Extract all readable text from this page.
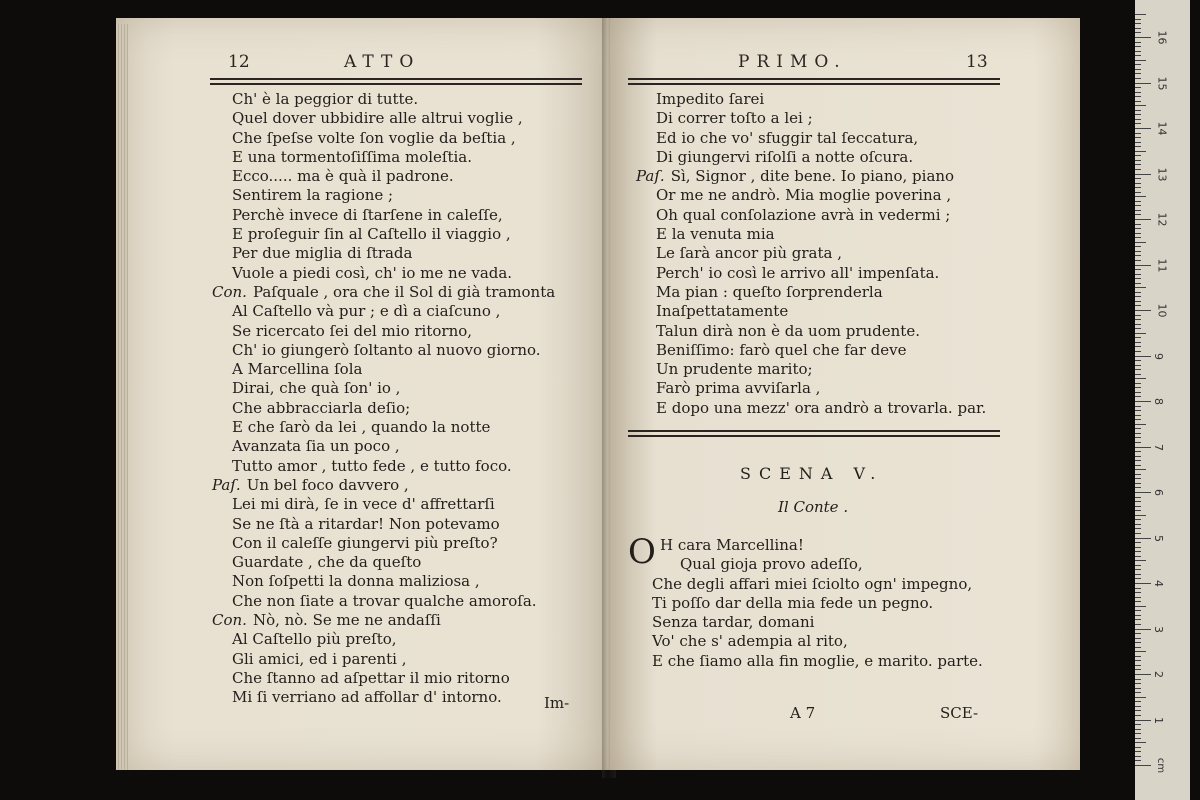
12	ATTO
Ch' è la peggior di tutte.
Quel dover ubbidire alle altrui voglie ,
Che ſpeſse volte ſon voglie da beſtia ,
E una tormentoſiſſima moleſtia.
Ecco..... ma è quà il padrone.
Sentirem la ragione ;
Perchè invece di ſtarſene in caleſſe,
E proſeguir ſin al Caſtello il viaggio ,
Per due miglia di ſtrada
Vuole a piedi così, ch' io me ne vada.
Con. Paſquale , ora che il Sol di già tramonta
Al Caſtello và pur ; e dì a ciaſcuno ,
Se ricercato ſei del mio ritorno,
Ch' io giungerò ſoltanto al nuovo giorno.
A Marcellina ſola
Dirai, che quà ſon' io ,
Che abbracciarla deſio;
E che ſarò da lei , quando la notte
Avanzata ſia un poco ,
Tutto amor , tutto fede , e tutto foco.
Paſ. Un bel foco davvero ,
Lei mi dirà, ſe in vece d' affrettarſi
Se ne ſtà a ritardar! Non potevamo
Con il caleſſe giungervi più preſto?
Guardate , che da queſto
Non ſoſpetti la donna maliziosa ,
Che non ſiate a trovar qualche amoroſa.
Con. Nò, nò. Se me ne andaſſi
Al Caſtello più preſto,
Gli amici, ed i parenti ,
Che ſtanno ad aſpettar il mio ritorno
Mi ſi verriano ad affollar d' intorno.	Im-
PRIMO.	13
Impedito ſarei
Di correr toſto a lei ;
Ed io che vo' sfuggir tal ſeccatura,
Di giungervi riſolſi a notte oſcura.
Paſ. Sì, Signor , dite bene. Io piano, piano
Or me ne andrò. Mia moglie poverina ,
Oh qual conſolazione avrà in vedermi ;
E la venuta mia
Le ſarà ancor più grata ,
Perch' io così le arrivo all' impenſata.
Ma pian : queſto ſorprenderla
Inaſpettatamente
Talun dirà non è da uom prudente.
Beniſſimo: farò quel che far deve
Un prudente marito;
Farò prima avviſarla ,
E dopo una mezz' ora andrò a trovarla. par.
SCENA V.
Il Conte .
O H cara Marcellina!
Qual gioja provo adeſſo,
Che degli affari miei ſciolto ogn' impegno,
Ti poſſo dar della mia fede un pegno.
Senza tardar, domani
Vo' che s' adempia al rito,
E che ſiamo alla fin moglie, e marito. parte.
A 7	SCE-
cm
1
2
3
4
5
6
7
8
9
10
11
12
13
14
15
16
